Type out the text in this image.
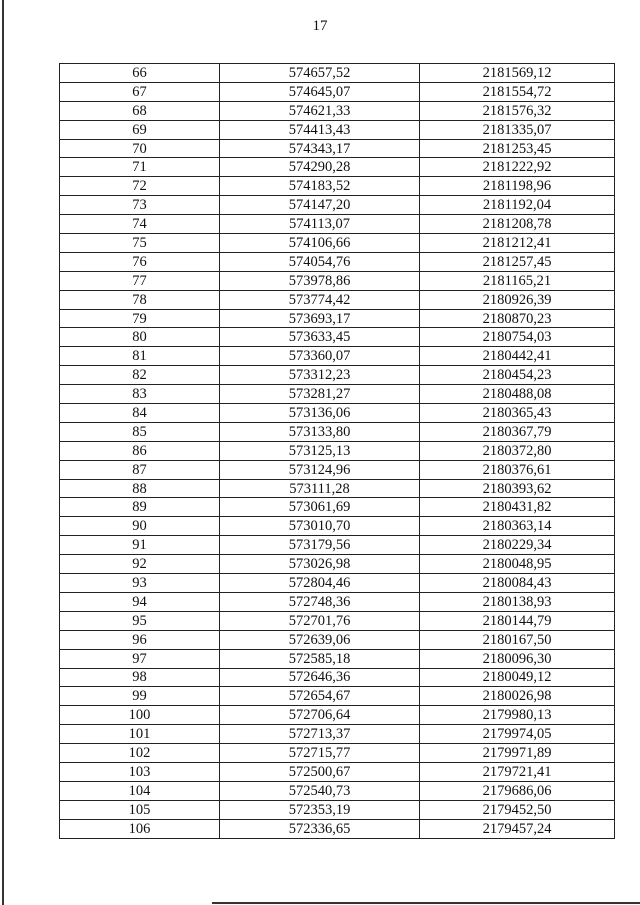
17
66	574657,52	2181569,12
67	574645,07	2181554,72
68	574621,33	2181576,32
69	574413,43	2181335,07
70	574343,17	2181253,45
71	574290,28	2181222,92
72	574183,52	2181198,96
73	574147,20	2181192,04
74	574113,07	2181208,78
75	574106,66	2181212,41
76	574054,76	2181257,45
77	573978,86	2181165,21
78	573774,42	2180926,39
79	573693,17	2180870,23
80	573633,45	2180754,03
81	573360,07	2180442,41
82	573312,23	2180454,23
83	573281,27	2180488,08
84	573136,06	2180365,43
85	573133,80	2180367,79
86	573125,13	2180372,80
87	573124,96	2180376,61
88	573111,28	2180393,62
89	573061,69	2180431,82
90	573010,70	2180363,14
91	573179,56	2180229,34
92	573026,98	2180048,95
93	572804,46	2180084,43
94	572748,36	2180138,93
95	572701,76	2180144,79
96	572639,06	2180167,50
97	572585,18	2180096,30
98	572646,36	2180049,12
99	572654,67	2180026,98
100	572706,64	2179980,13
101	572713,37	2179974,05
102	572715,77	2179971,89
103	572500,67	2179721,41
104	572540,73	2179686,06
105	572353,19	2179452,50
106	572336,65	2179457,24
